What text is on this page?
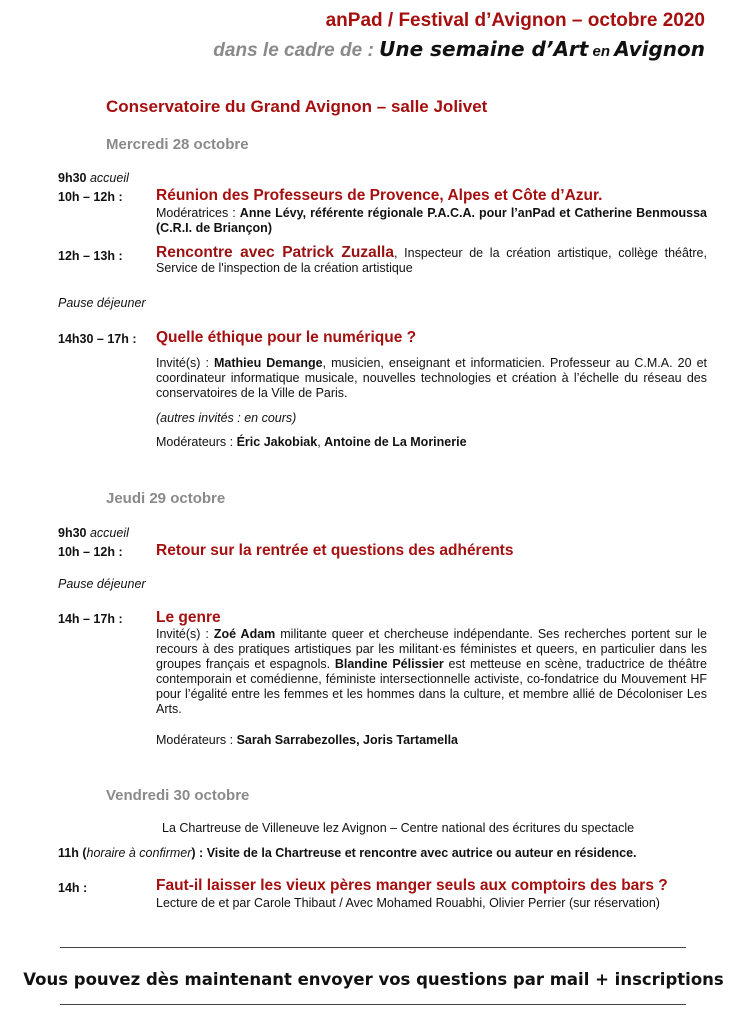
anPad / Festival d’Avignon – octobre 2020
dans le cadre de : Une semaine d’Art en Avignon
Conservatoire du Grand Avignon – salle Jolivet
Mercredi 28 octobre
9h30 accueil
10h – 12h : Réunion des Professeurs de Provence, Alpes et Côte d’Azur.
Modératrices : Anne Lévy, référente régionale P.A.C.A. pour l’anPad et Catherine Benmoussa (C.R.I. de Briançon)
12h – 13h : Rencontre avec Patrick Zuzalla, Inspecteur de la création artistique, collège théâtre, Service de l'inspection de la création artistique
Pause déjeuner
14h30 – 17h : Quelle éthique pour le numérique ?
Invité(s) : Mathieu Demange, musicien, enseignant et informaticien. Professeur au C.M.A. 20 et coordinateur informatique musicale, nouvelles technologies et création à l’échelle du réseau des conservatoires de la Ville de Paris.
(autres invités : en cours)
Modérateurs : Éric Jakobiak, Antoine de La Morinerie
Jeudi 29 octobre
9h30 accueil
10h – 12h : Retour sur la rentrée et questions des adhérents
Pause déjeuner
14h – 17h : Le genre
Invité(s) : Zoé Adam militante queer et chercheuse indépendante. Ses recherches portent sur le recours à des pratiques artistiques par les militant·es féministes et queers, en particulier dans les groupes français et espagnols. Blandine Pélissier est metteuse en scène, traductrice de théâtre contemporain et comédienne, féministe intersectionnelle activiste, co-fondatrice du Mouvement HF pour l’égalité entre les femmes et les hommes dans la culture, et membre allié de Décoloniser Les Arts.
Modérateurs : Sarah Sarrabezolles, Joris Tartamella
Vendredi 30 octobre
La Chartreuse de Villeneuve lez Avignon – Centre national des écritures du spectacle
11h (horaire à confirmer) : Visite de la Chartreuse et rencontre avec autrice ou auteur en résidence.
14h :	Faut-il laisser les vieux pères manger seuls aux comptoirs des bars ?
Lecture de et par Carole Thibaut / Avec Mohamed Rouabhi, Olivier Perrier (sur réservation)
Vous pouvez dès maintenant envoyer vos questions par mail + inscriptions
